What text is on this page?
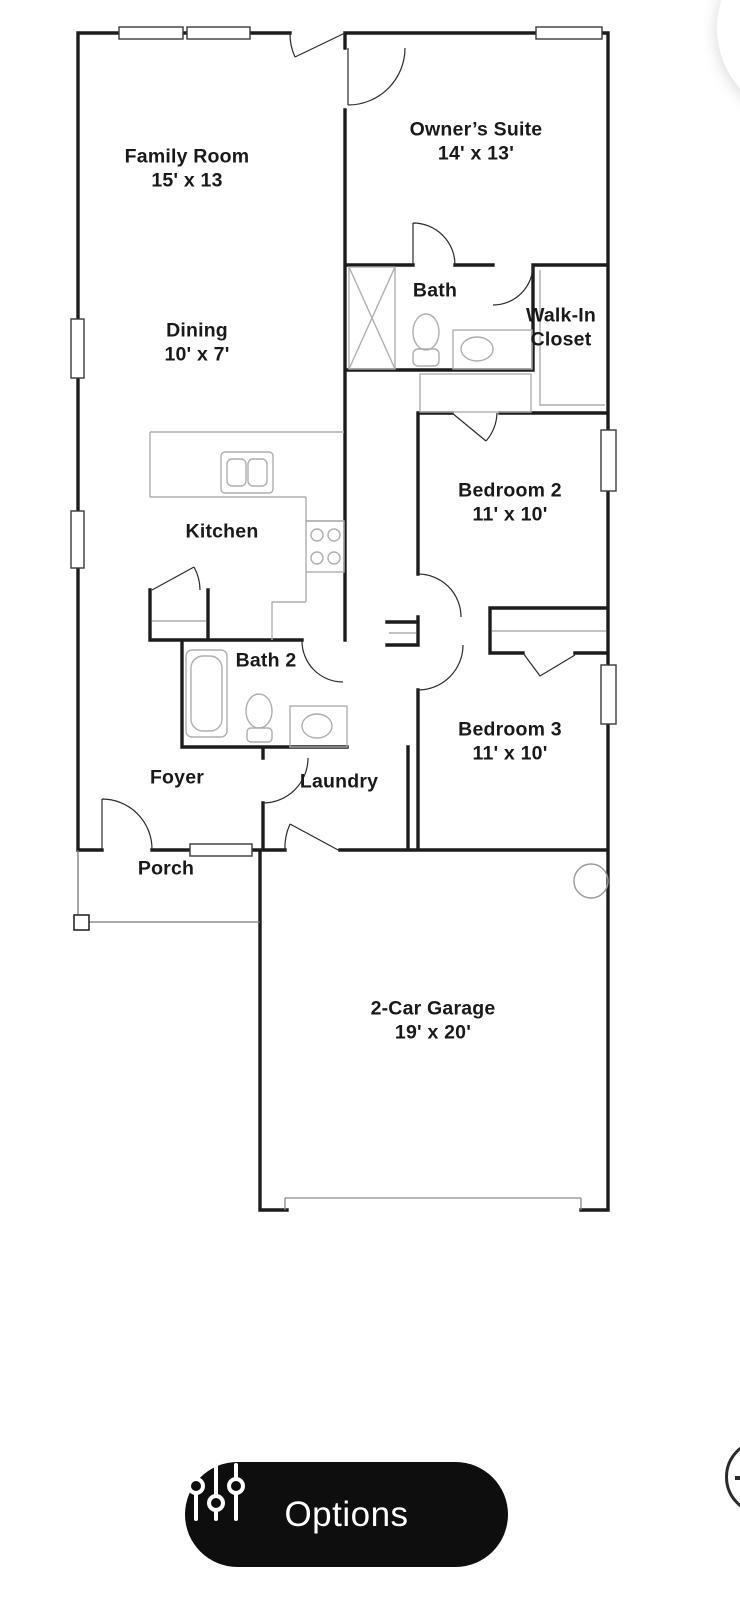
Family Room
15' x 13
Owner’s Suite
14' x 13'
Bath
Walk-In
Closet
Dining
10' x 7'
Kitchen
Bedroom 2
11' x 10'
Bath 2
Bedroom 3
11' x 10'
Foyer	Laundry
Porch
2-Car Garage
19' x 20'
Options
